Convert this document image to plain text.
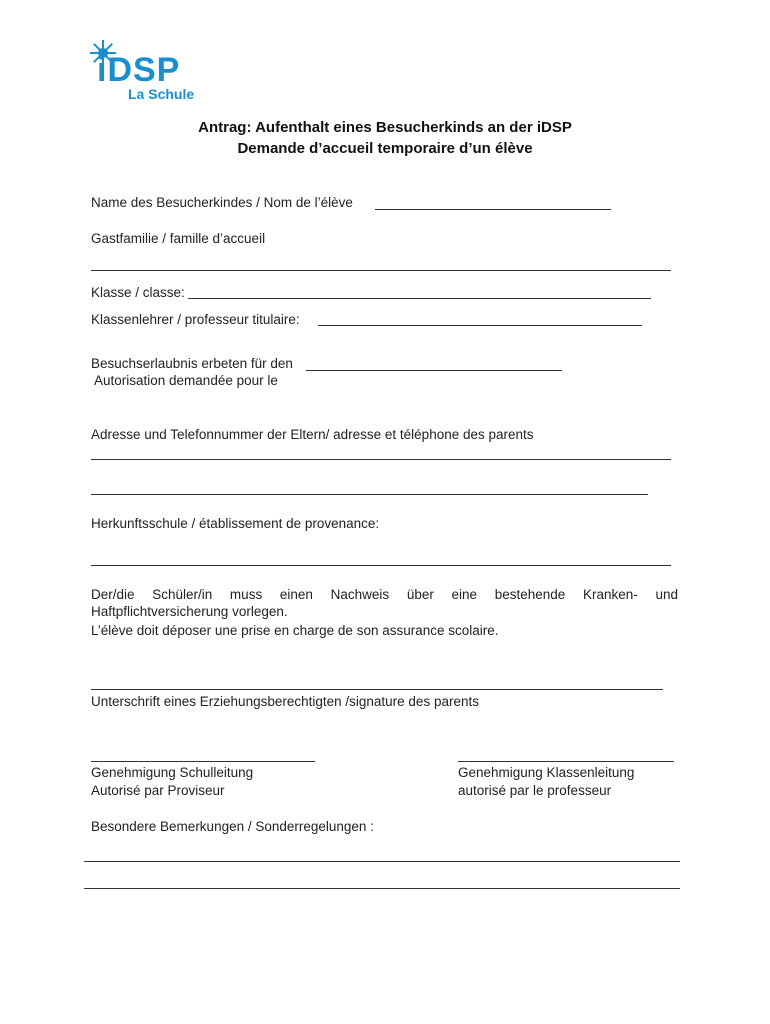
iDSP
La Schule
Antrag: Aufenthalt eines Besucherkinds an der iDSP
Demande d’accueil temporaire d’un élève
Name des Besucherkindes / Nom de l’élève
Gastfamilie / famille d’accueil
Klasse / classe:
Klassenlehrer / professeur titulaire:
Besuchserlaubnis erbeten für den
Autorisation demandée pour le
Adresse und Telefonnummer der Eltern/ adresse et téléphone des parents
Herkunftsschule / établissement de provenance:
Der/die Schüler/in muss einen Nachweis über eine bestehende Kranken- und
Haftpflichtversicherung vorlegen.
L’élève doit déposer une prise en charge de son assurance scolaire.
Unterschrift eines Erziehungsberechtigten /signature des parents
Genehmigung Schulleitung
Autorisé par Proviseur
Genehmigung Klassenleitung
autorisé par le professeur
Besondere Bemerkungen / Sonderregelungen :
